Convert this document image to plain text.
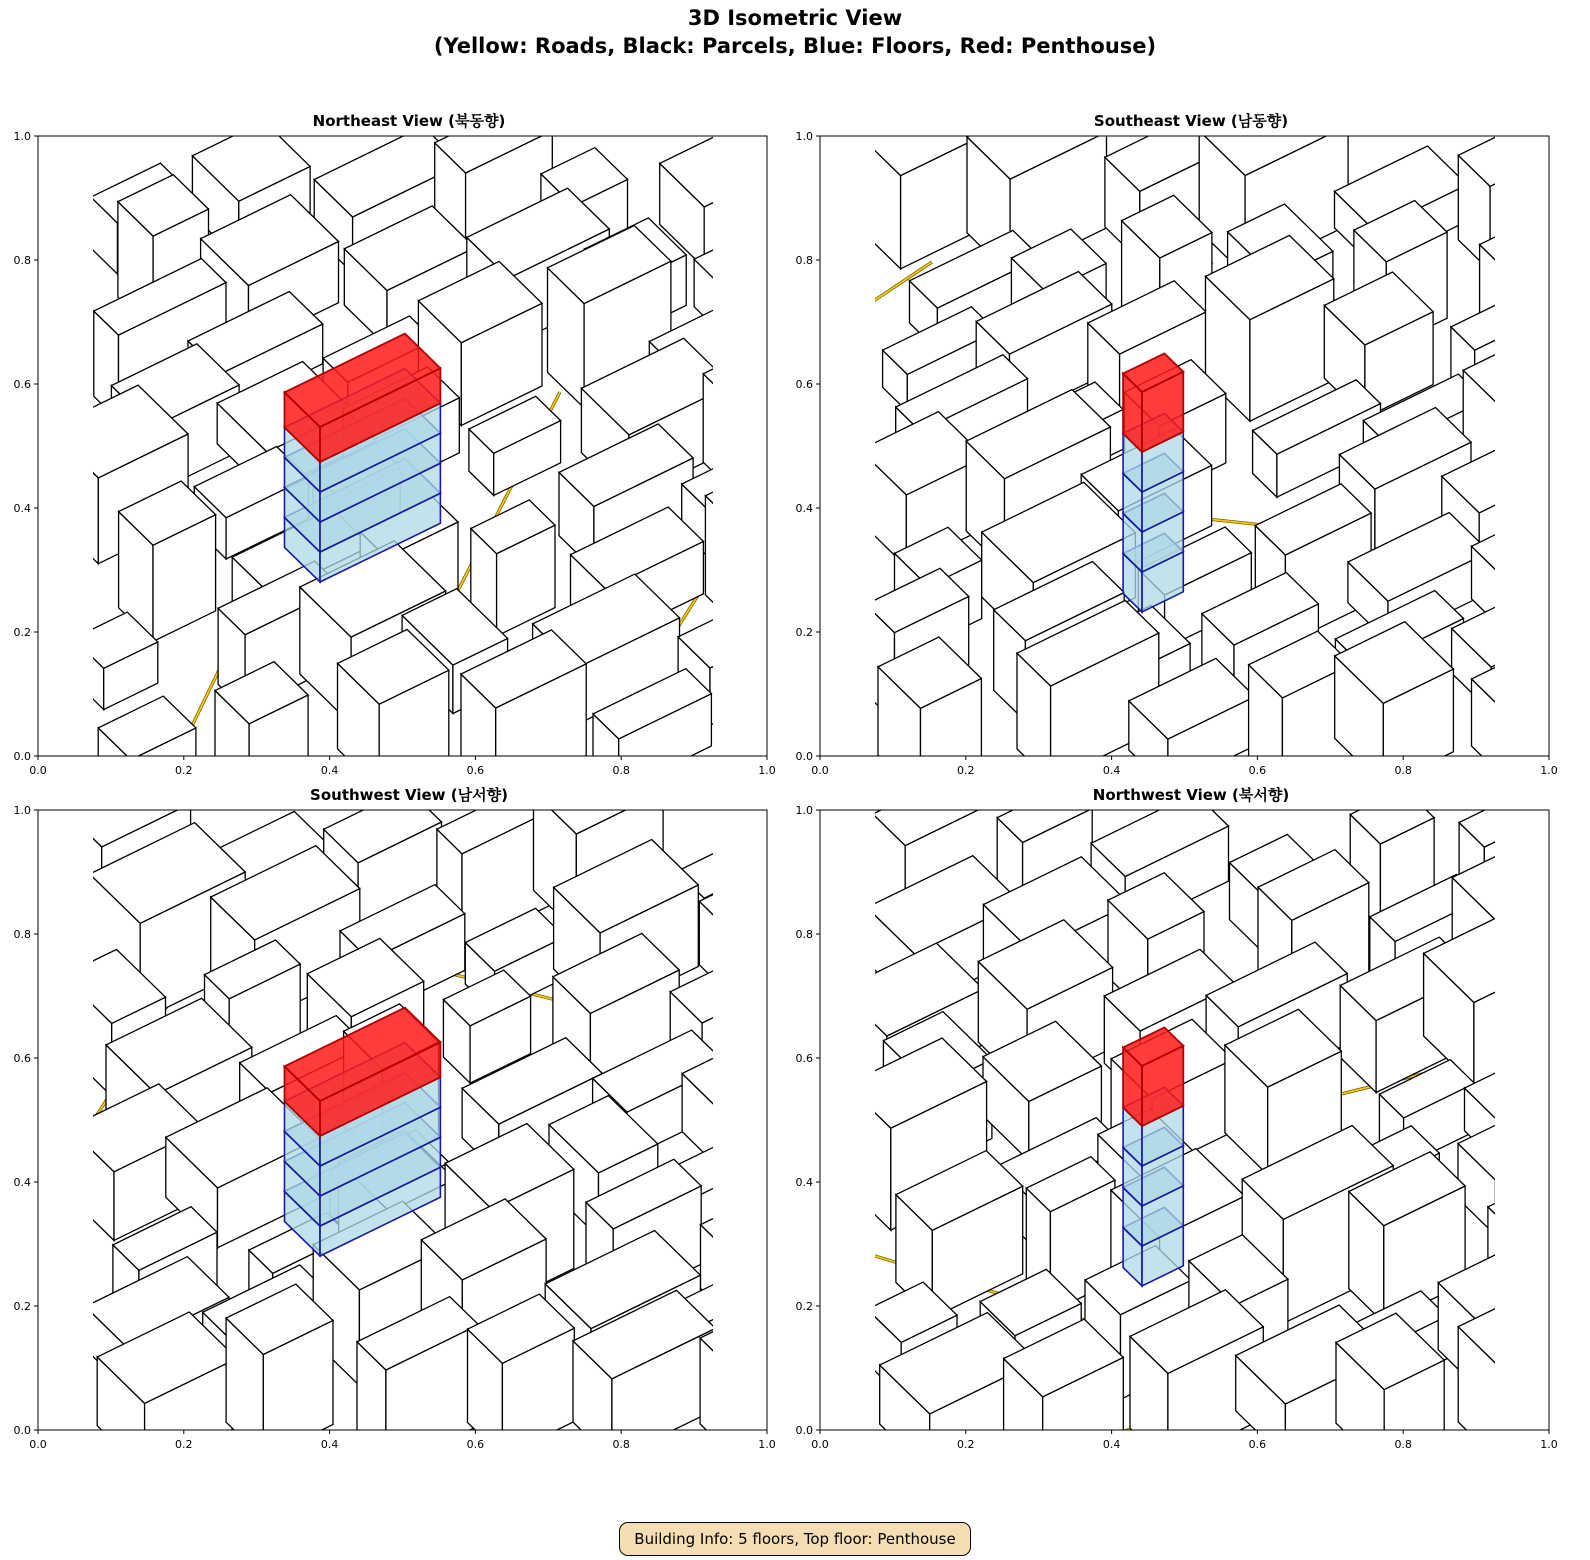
3D Isometric View
(Yellow: Roads, Black: Parcels, Blue: Floors, Red: Penthouse)
Northeast View (북동향)
0.0
0.0
0.2
0.2
0.4
0.4
0.6
0.6
0.8
0.8
1.0
1.0
Southeast View (남동향)
0.0
0.0
0.2
0.2
0.4
0.4
0.6
0.6
0.8
0.8
1.0
1.0
Southwest View (남서향)
0.0
0.0
0.2
0.2
0.4
0.4
0.6
0.6
0.8
0.8
1.0
1.0
Northwest View (북서향)
0.0
0.0
0.2
0.2
0.4
0.4
0.6
0.6
0.8
0.8
1.0
1.0
Building Info: 5 floors, Top floor: Penthouse
